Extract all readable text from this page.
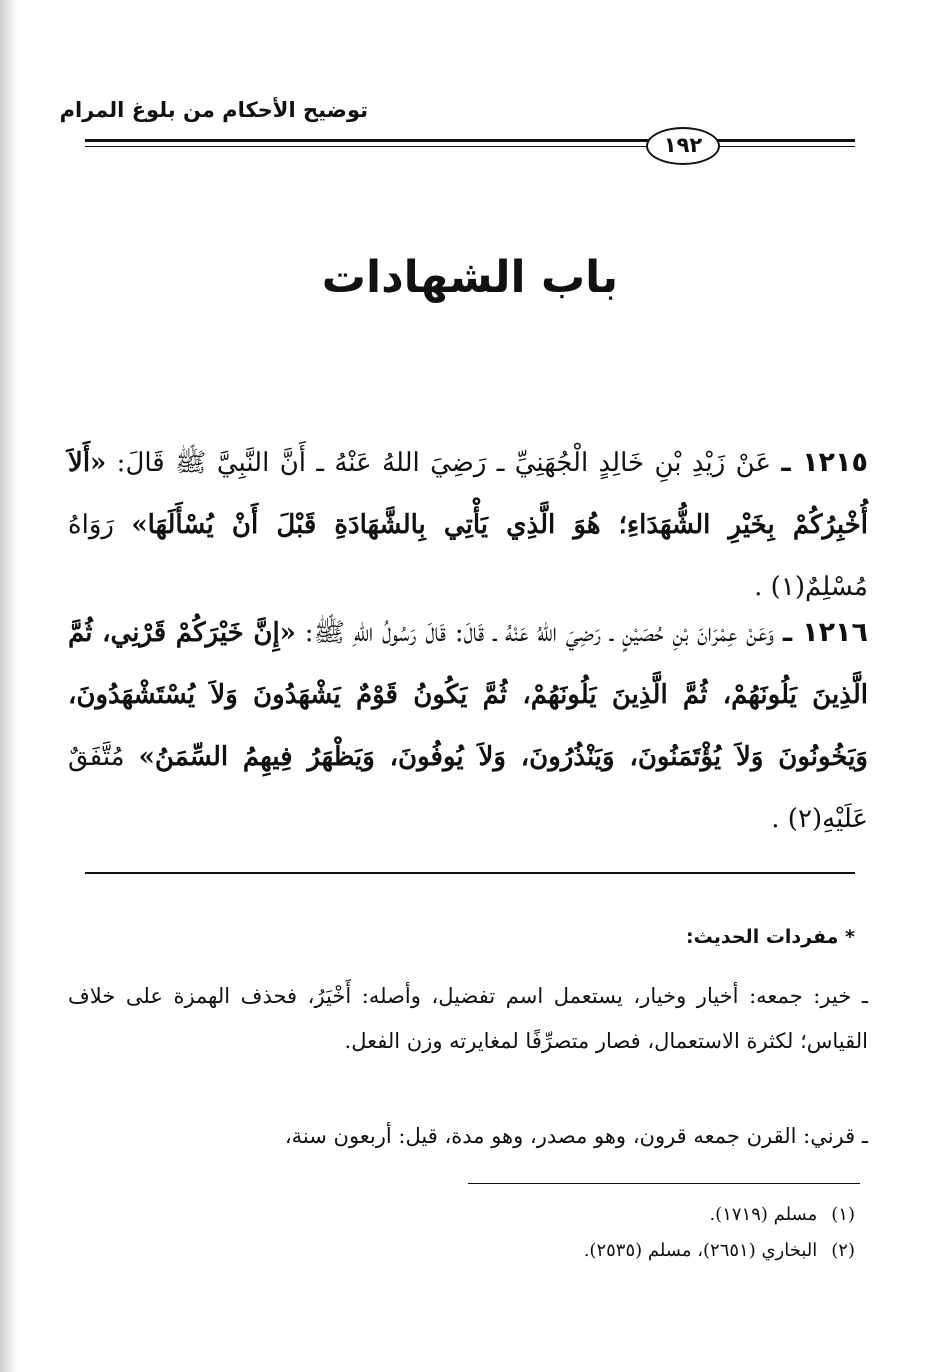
توضيح الأحكام من بلوغ المرام
١٩٢
باب الشهادات
١٢١٥ ـ عَنْ زَيْدِ بْنِ خَالِدٍ الْجُهَنِيِّ ـ رَضِيَ اللهُ عَنْهُ ـ أَنَّ النَّبِيَّ ﷺ قَالَ: «أَلاَ أُخْبِرُكُمْ بِخَيْرِ الشُّهَدَاءِ؛ هُوَ الَّذِي يَأْتِي بِالشَّهَادَةِ قَبْلَ أَنْ يُسْأَلَهَا» رَوَاهُ مُسْلِمٌ(١) .
١٢١٦ ـ وَعَنْ عِمْرَانَ بْنِ حُصَيْنٍ ـ رَضِيَ اللهُ عَنْهُ ـ قَالَ: قَالَ رَسُولُ اللهِ ﷺ: «إِنَّ خَيْرَكُمْ قَرْنِي، ثُمَّ الَّذِينَ يَلُونَهُمْ، ثُمَّ الَّذِينَ يَلُونَهُمْ، ثُمَّ يَكُونُ قَوْمٌ يَشْهَدُونَ وَلاَ يُسْتَشْهَدُونَ، وَيَخُونُونَ وَلاَ يُؤْتَمَنُونَ، وَيَنْذُرُونَ، وَلاَ يُوفُونَ، وَيَظْهَرُ فِيهِمُ السِّمَنُ» مُتَّفَقٌ عَلَيْهِ(٢) .
* مفردات الحديث:
ـ خير: جمعه: أخيار وخيار، يستعمل اسم تفضيل، وأصله: أَخْيَرُ، فحذف الهمزة على خلاف القياس؛ لكثرة الاستعمال، فصار متصرِّفًا لمغايرته وزن الفعل.
ـ قرني: القرن جمعه قرون، وهو مصدر، وهو مدة، قيل: أربعون سنة،
(١)مسلم (١٧١٩).
(٢)البخاري (٢٦٥١)، مسلم (٢٥٣٥).
